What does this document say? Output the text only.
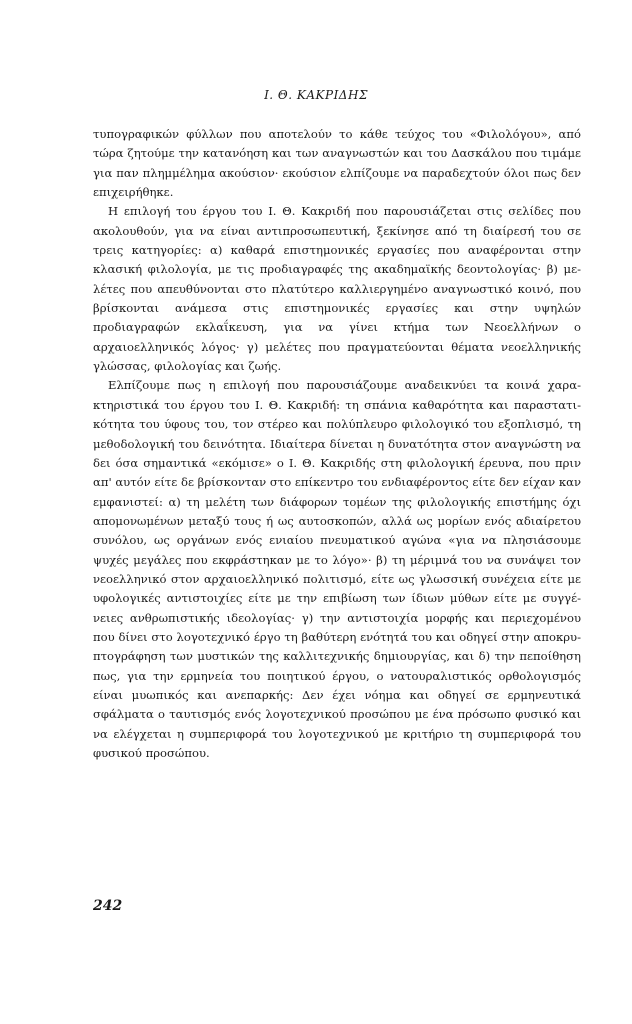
Ι. Θ. ΚΑΚΡΙΔΗΣ

τυπογραφικών φύλλων που αποτελούν το κάθε τεύχος του «Φιλολόγου», από τώρα ζητούμε την κατανόηση και των αναγνωστών και του Δασκάλου που τιμάμε για παν πλημμέλημα ακούσιον· εκούσιον ελπίζουμε να παραδεχτούν όλοι πως δεν επιχειρήθηκε.

Η επιλογή του έργου του Ι. Θ. Κακριδή που παρουσιάζεται στις σελίδες που ακολουθούν, για να είναι αντιπροσωπευτική, ξεκίνησε από τη διαίρεσή του σε τρεις κατηγορίες: α) καθαρά επιστημονικές εργασίες που αναφέρονται στην κλασική φιλολογία, με τις προδιαγραφές της ακαδημαϊκής δεοντολογίας· β) μελέτες που απευθύνονται στο πλατύτερο καλλιεργημένο αναγνωστικό κοινό, που βρίσκονται ανάμεσα στις επιστημονικές εργασίες και στην υψηλών προδιαγραφών εκλαΐκευση, για να γίνει κτήμα των Νεοελλήνων ο αρχαιοελληνικός λόγος· γ) μελέτες που πραγματεύονται θέματα νεοελληνικής γλώσσας, φιλολογίας και ζωής.

Ελπίζουμε πως η επιλογή που παρουσιάζουμε αναδεικνύει τα κοινά χαρακτηριστικά του έργου του Ι. Θ. Κακριδή: τη σπάνια καθαρότητα και παραστατικότητα του ύφους του, τον στέρεο και πολύπλευρο φιλολογικό του εξοπλισμό, τη μεθοδολογική του δεινότητα. Ιδιαίτερα δίνεται η δυνατότητα στον αναγνώστη να δει όσα σημαντικά «εκόμισε» ο Ι. Θ. Κακριδής στη φιλολογική έρευνα, που πριν απ' αυτόν είτε δε βρίσκονταν στο επίκεντρο του ενδιαφέροντος είτε δεν είχαν καν εμφανιστεί: α) τη μελέτη των διάφορων τομέων της φιλολογικής επιστήμης όχι απομονωμένων μεταξύ τους ή ως αυτοσκοπών, αλλά ως μορίων ενός αδιαίρετου συνόλου, ως οργάνων ενός ενιαίου πνευματικού αγώνα «για να πλησιάσουμε ψυχές μεγάλες που εκφράστηκαν με το λόγο»· β) τη μέριμνά του να συνάψει τον νεοελληνικό στον αρχαιοελληνικό πολιτισμό, είτε ως γλωσσική συνέχεια είτε με υφολογικές αντιστοιχίες είτε με την επιβίωση των ίδιων μύθων είτε με συγγένειες ανθρωπιστικής ιδεολογίας· γ) την αντιστοιχία μορφής και περιεχομένου που δίνει στο λογοτεχνικό έργο τη βαθύτερη ενότητά του και οδηγεί στην αποκρυπτογράφηση των μυστικών της καλλιτεχνικής δημιουργίας, και δ) την πεποίθηση πως, για την ερμηνεία του ποιητικού έργου, ο νατουραλιστικός ορθολογισμός είναι μυωπικός και ανεπαρκής: Δεν έχει νόημα και οδηγεί σε ερμηνευτικά σφάλματα ο ταυτισμός ενός λογοτεχνικού προσώπου με ένα πρόσωπο φυσικό και να ελέγχεται η συμπεριφορά του λογοτεχνικού με κριτήριο τη συμπεριφορά του φυσικού προσώπου.

242
